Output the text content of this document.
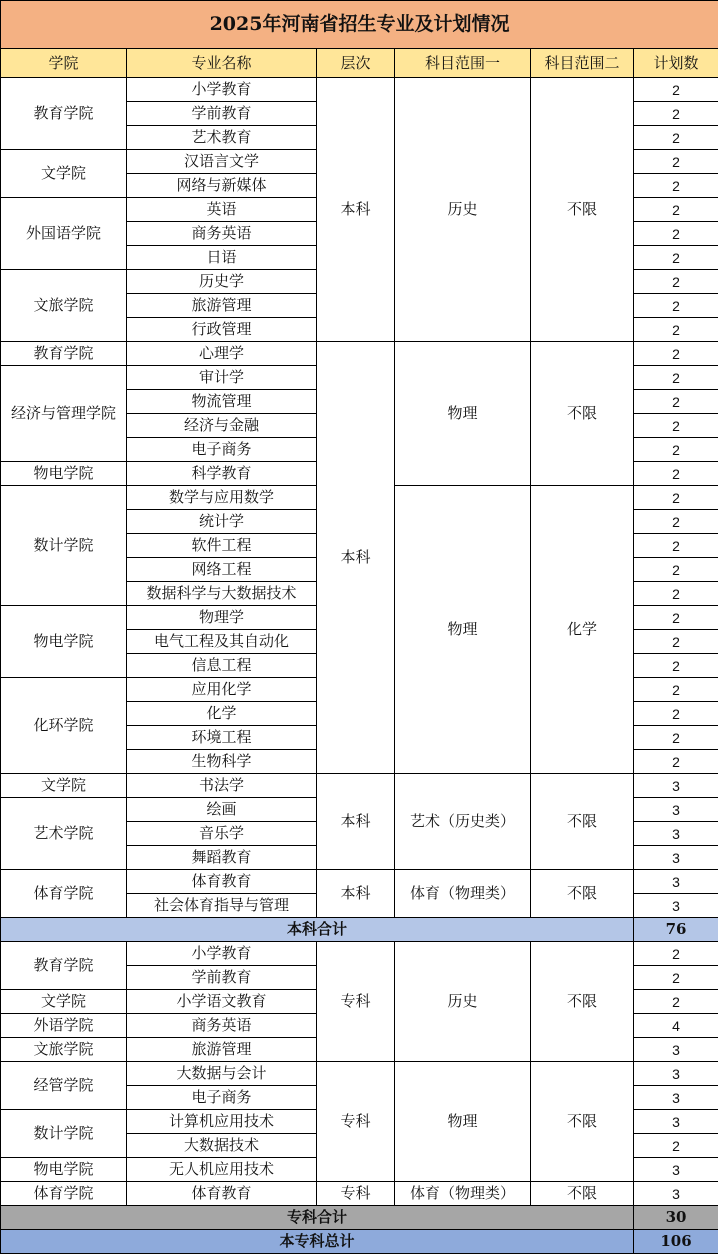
2025年河南省招生专业及计划情况					
学院	专业名称	层次	科目范围一	科目范围二	计划数
教育学院	小学教育	本科	历史	不限	2
	学前教育				2
	艺术教育				2
文学院	汉语言文学				2
	网络与新媒体				2
外国语学院	英语				2
	商务英语				2
	日语				2
文旅学院	历史学				2
	旅游管理				2
	行政管理				2
教育学院	心理学	本科	物理	不限	2
经济与管理学院	审计学				2
	物流管理				2
	经济与金融				2
	电子商务				2
物电学院	科学教育				2
数计学院	数学与应用数学		物理	化学	2
	统计学				2
	软件工程				2
	网络工程				2
	数据科学与大数据技术				2
物电学院	物理学				2
	电气工程及其自动化				2
	信息工程				2
化环学院	应用化学				2
	化学				2
	环境工程				2
	生物科学				2
文学院	书法学	本科	艺术（历史类）	不限	3
艺术学院	绘画				3
	音乐学				3
	舞蹈教育				3
体育学院	体育教育	本科	体育（物理类）	不限	3
	社会体育指导与管理				3
本科合计					76
教育学院	小学教育	专科	历史	不限	2
	学前教育				2
文学院	小学语文教育				2
外语学院	商务英语				4
文旅学院	旅游管理				3
经管学院	大数据与会计	专科	物理	不限	3
	电子商务				3
数计学院	计算机应用技术				3
	大数据技术				2
物电学院	无人机应用技术				3
体育学院	体育教育	专科	体育（物理类）	不限	3
专科合计					30
本专科总计					106
